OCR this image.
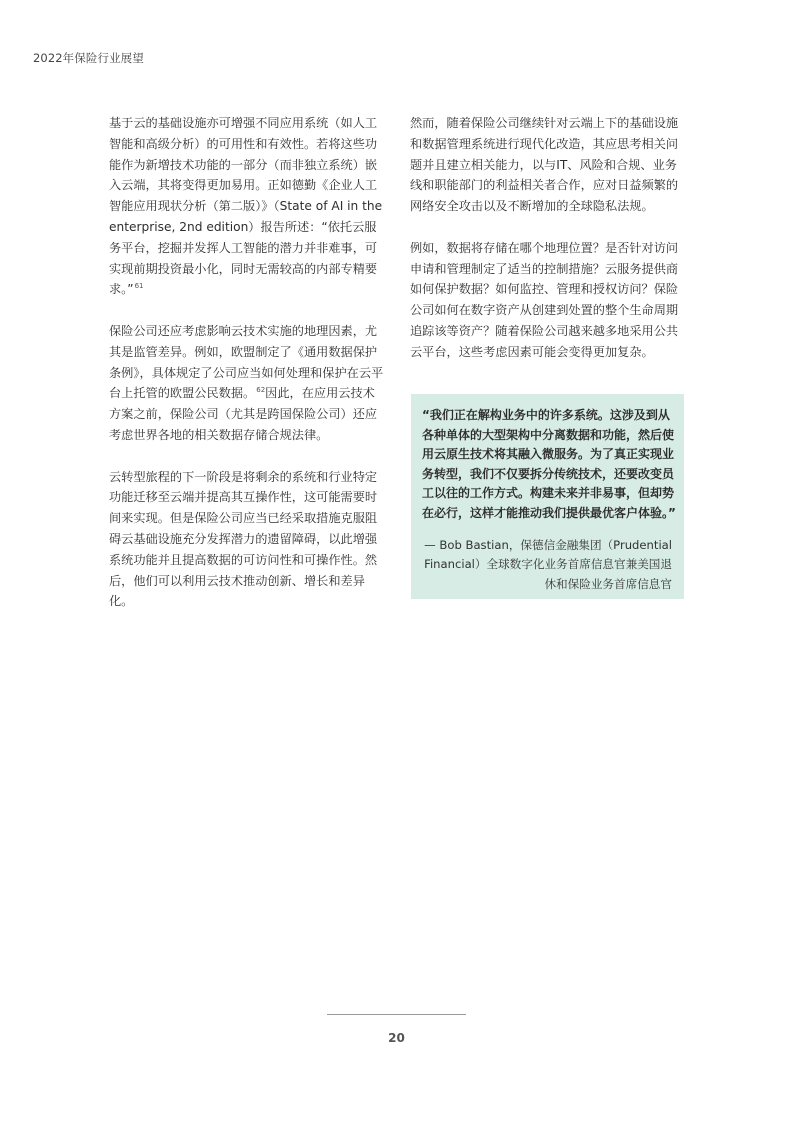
2022年保险行业展望

基于云的基础设施亦可增强不同应用系统（如人工智能和高级分析）的可用性和有效性。若将这些功能作为新增技术功能的一部分（而非独立系统）嵌入云端，其将变得更加易用。正如德勤《企业人工智能应用现状分析（第二版）》（State of AI in the enterprise, 2nd edition）报告所述：“依托云服务平台，挖掘并发挥人工智能的潜力并非难事，可实现前期投资最小化，同时无需较高的内部专精要求。”$^{61}$

保险公司还应考虑影响云技术实施的地理因素，尤其是监管差异。例如，欧盟制定了《通用数据保护条例》，具体规定了公司应当如何处理和保护在云平台上托管的欧盟公民数据。$^{62}$因此，在应用云技术方案之前，保险公司（尤其是跨国保险公司）还应考虑世界各地的相关数据存储合规法律。

云转型旅程的下一阶段是将剩余的系统和行业特定功能迁移至云端并提高其互操作性，这可能需要时间来实现。但是保险公司应当已经采取措施克服阻碍云基础设施充分发挥潜力的遗留障碍，以此增强系统功能并且提高数据的可访问性和可操作性。然后，他们可以利用云技术推动创新、增长和差异化。

然而，随着保险公司继续针对云端上下的基础设施和数据管理系统进行现代化改造，其应思考相关问题并且建立相关能力，以与IT、风险和合规、业务线和职能部门的利益相关者合作，应对日益频繁的网络安全攻击以及不断增加的全球隐私法规。

例如，数据将存储在哪个地理位置？是否针对访问申请和管理制定了适当的控制措施？云服务提供商如何保护数据？如何监控、管理和授权访问？保险公司如何在数字资产从创建到处置的整个生命周期追踪该等资产？随着保险公司越来越多地采用公共云平台，这些考虑因素可能会变得更加复杂。

“我们正在解构业务中的许多系统。这涉及到从各种单体的大型架构中分离数据和功能，然后使用云原生技术将其融入微服务。为了真正实现业务转型，我们不仅要拆分传统技术，还要改变员工以往的工作方式。构建未来并非易事，但却势在必行，这样才能推动我们提供最优客户体验。”
— Bob Bastian，保德信金融集团（Prudential Financial）全球数字化业务首席信息官兼美国退休和保险业务首席信息官
20
